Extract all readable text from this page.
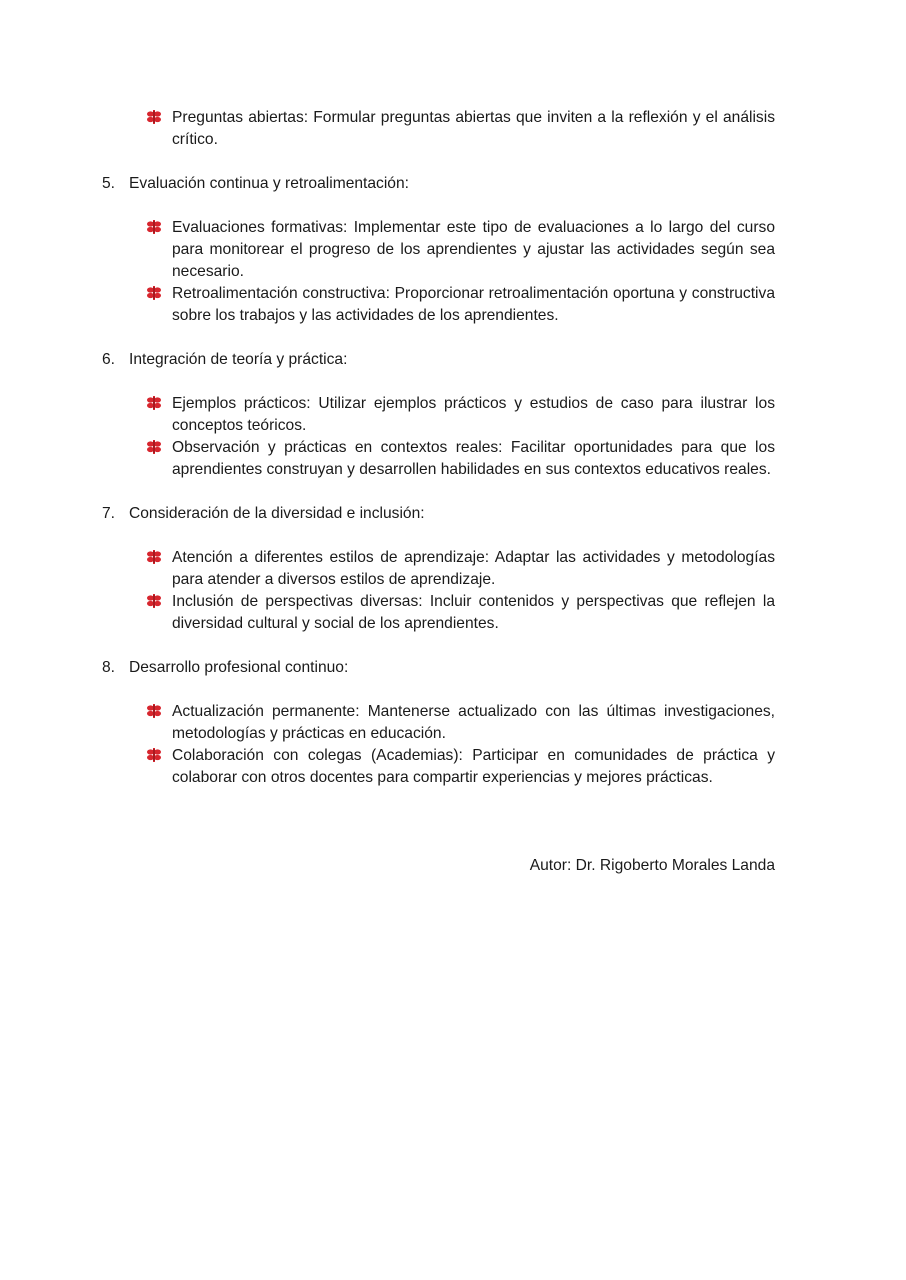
Preguntas abiertas: Formular preguntas abiertas que inviten a la reflexión y el análisis crítico.

5. Evaluación continua y retroalimentación:

Evaluaciones formativas: Implementar este tipo de evaluaciones a lo largo del curso para monitorear el progreso de los aprendientes y ajustar las actividades según sea necesario.
Retroalimentación constructiva: Proporcionar retroalimentación oportuna y constructiva sobre los trabajos y las actividades de los aprendientes.

6. Integración de teoría y práctica:

Ejemplos prácticos: Utilizar ejemplos prácticos y estudios de caso para ilustrar los conceptos teóricos.
Observación y prácticas en contextos reales: Facilitar oportunidades para que los aprendientes construyan y desarrollen habilidades en sus contextos educativos reales.

7. Consideración de la diversidad e inclusión:

Atención a diferentes estilos de aprendizaje: Adaptar las actividades y metodologías para atender a diversos estilos de aprendizaje.
Inclusión de perspectivas diversas: Incluir contenidos y perspectivas que reflejen la diversidad cultural y social de los aprendientes.

8. Desarrollo profesional continuo:

Actualización permanente: Mantenerse actualizado con las últimas investigaciones, metodologías y prácticas en educación.
Colaboración con colegas (Academias): Participar en comunidades de práctica y colaborar con otros docentes para compartir experiencias y mejores prácticas.

Autor: Dr. Rigoberto Morales Landa
